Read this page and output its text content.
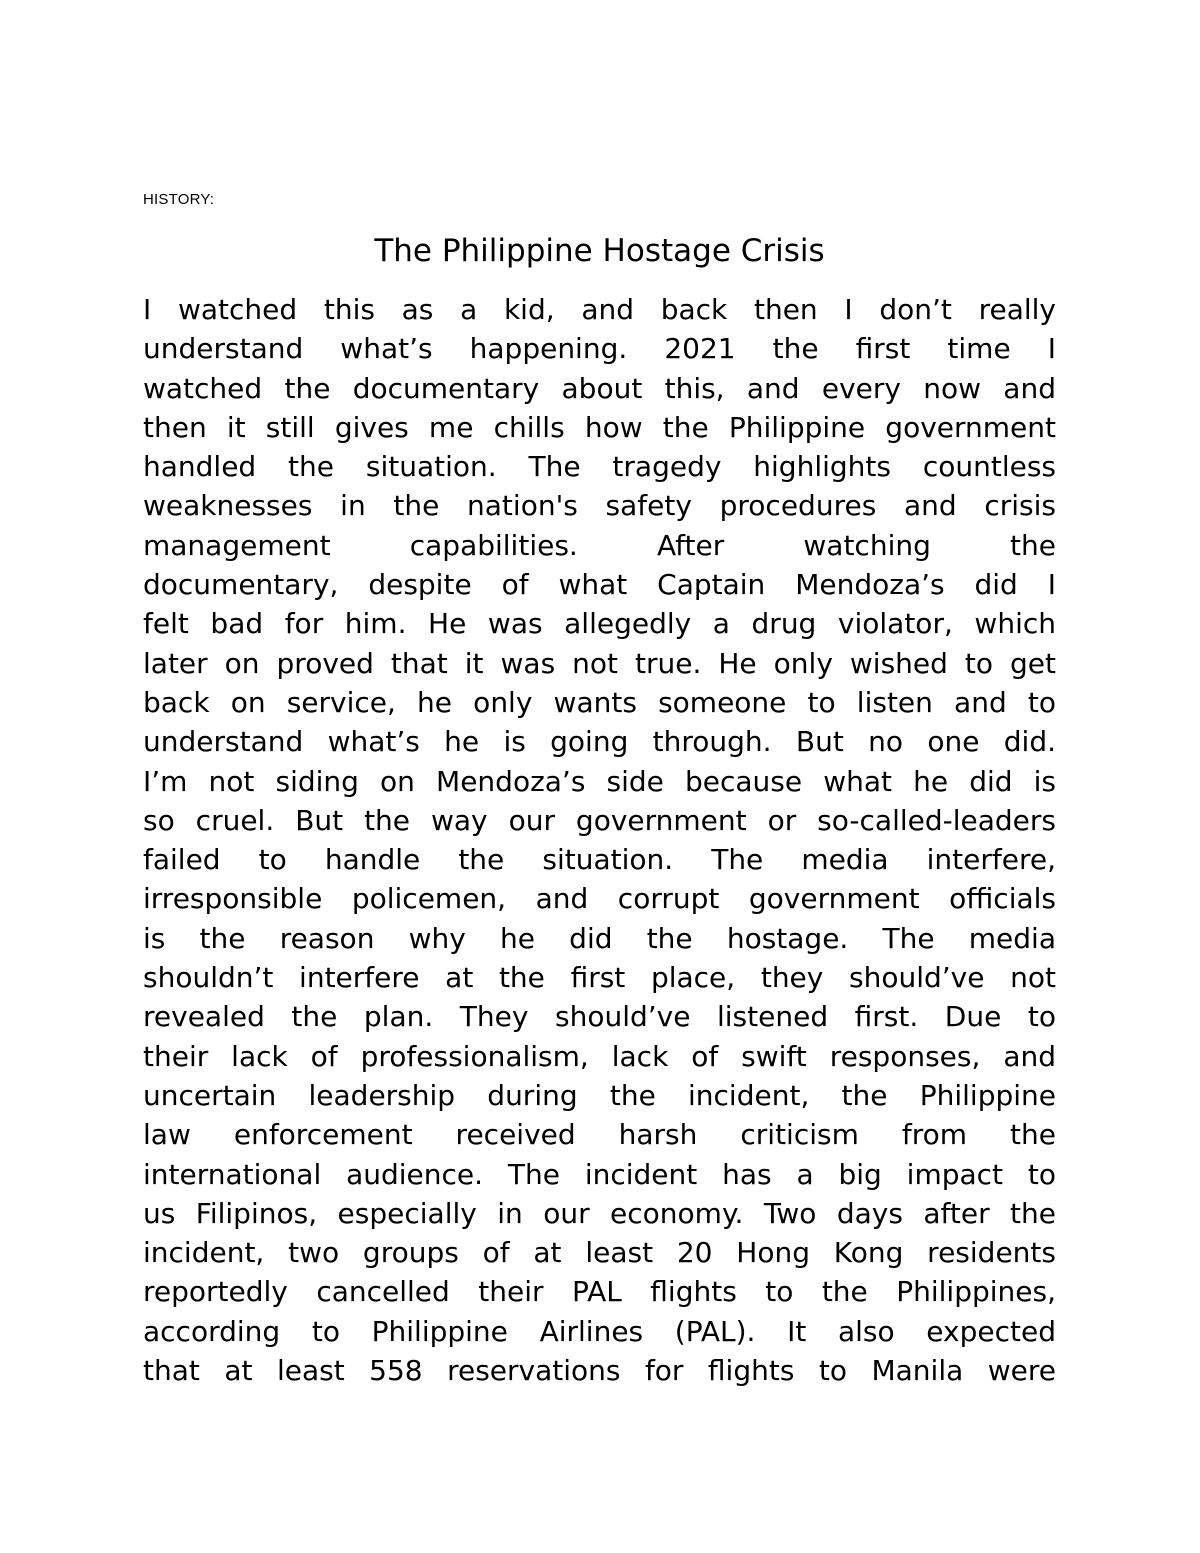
HISTORY:

The Philippine Hostage Crisis
I watched this as a kid, and back then I don’t really
understand what’s happening. 2021 the first time I
watched the documentary about this, and every now and
then it still gives me chills how the Philippine government
handled the situation. The tragedy highlights countless
weaknesses in the nation's safety procedures and crisis
management capabilities. After watching the
documentary, despite of what Captain Mendoza’s did I
felt bad for him. He was allegedly a drug violator, which
later on proved that it was not true. He only wished to get
back on service, he only wants someone to listen and to
understand what’s he is going through. But no one did.
I’m not siding on Mendoza’s side because what he did is
so cruel. But the way our government or so-called-leaders
failed to handle the situation. The media interfere,
irresponsible policemen, and corrupt government officials
is the reason why he did the hostage. The media
shouldn’t interfere at the first place, they should’ve not
revealed the plan. They should’ve listened first. Due to
their lack of professionalism, lack of swift responses, and
uncertain leadership during the incident, the Philippine
law enforcement received harsh criticism from the
international audience. The incident has a big impact to
us Filipinos, especially in our economy. Two days after the
incident, two groups of at least 20 Hong Kong residents
reportedly cancelled their PAL flights to the Philippines,
according to Philippine Airlines (PAL). It also expected
that at least 558 reservations for flights to Manila were
